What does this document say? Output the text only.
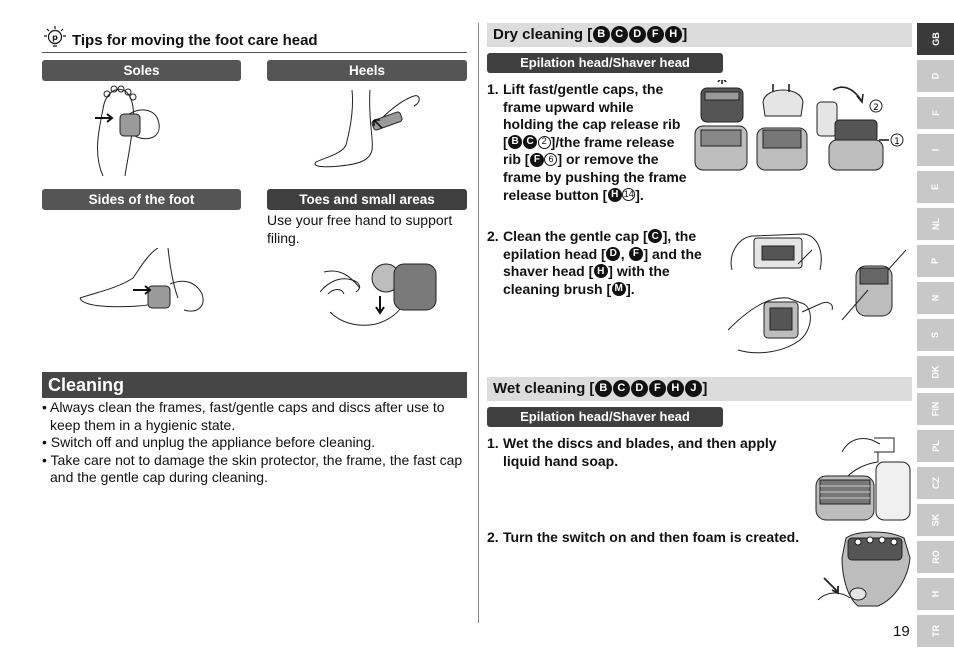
p Tips for moving the foot care head
Soles	Heels
Sides of the foot	Toes and small areas
Use your free hand to support filing.
Cleaning
• Always clean the frames, fast/gentle caps and discs after use to keep them in a hygienic state.
• Switch off and unplug the appliance before cleaning.
• Take care not to damage the skin protector, the frame, the fast cap and the gentle cap during cleaning.
Dry cleaning [ B C D F H ]
Epilation head/Shaver head
1. Lift fast/gentle caps, the frame upward while holding the cap release rib [ B C 2 ]/the frame release rib [ F 6 ] or remove the frame by pushing the frame release button [ H 14 ].
2
1
2. Clean the gentle cap [ C ], the epilation head [ D , F ] and the shaver head [ H ] with the cleaning brush [ M ].
Wet cleaning [ B C D F H J ]
Epilation head/Shaver head
1. Wet the discs and blades, and then apply liquid hand soap.
2. Turn the switch on and then foam is created.
GB
D
F
I
E
NL
P
N
S
DK
FIN
PL
CZ
SK
RO
H
TR
19
